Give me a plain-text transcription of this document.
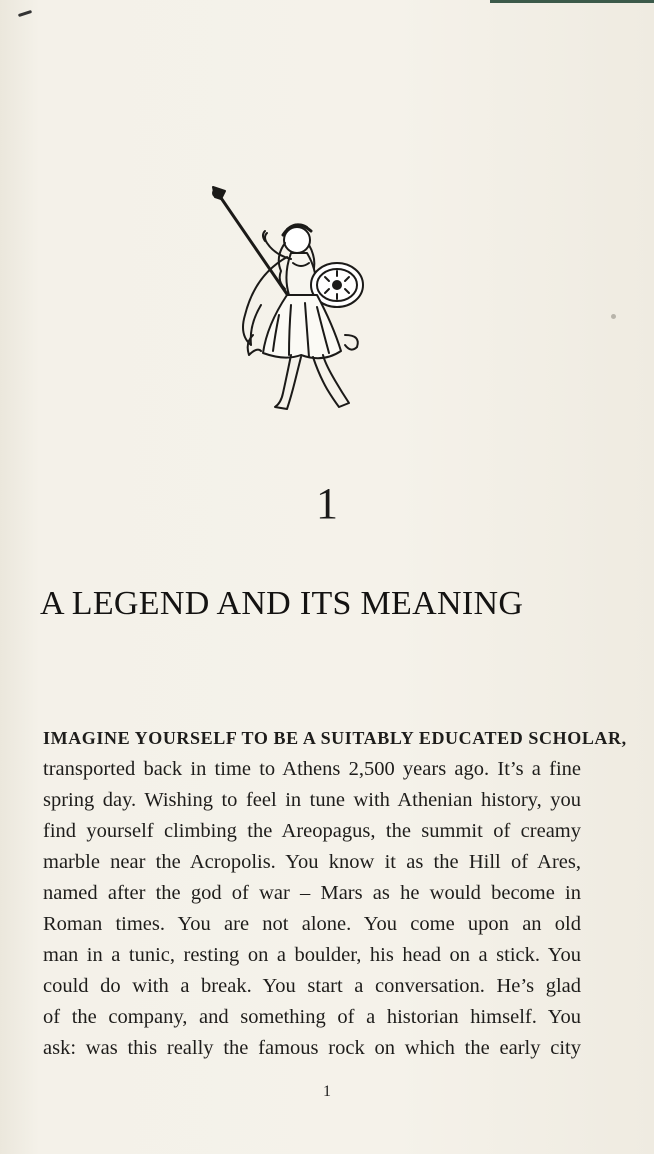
1
A LEGEND AND ITS MEANING
IMAGINE YOURSELF TO BE A SUITABLY EDUCATED SCHOLAR,
transported back in time to Athens 2,500 years ago. It’s a fine
spring day. Wishing to feel in tune with Athenian history, you
find yourself climbing the Areopagus, the summit of creamy
marble near the Acropolis. You know it as the Hill of Ares,
named after the god of war – Mars as he would become in
Roman times. You are not alone. You come upon an old
man in a tunic, resting on a boulder, his head on a stick. You
could do with a break. You start a conversation. He’s glad
of the company, and something of a historian himself. You
ask: was this really the famous rock on which the early city
1
